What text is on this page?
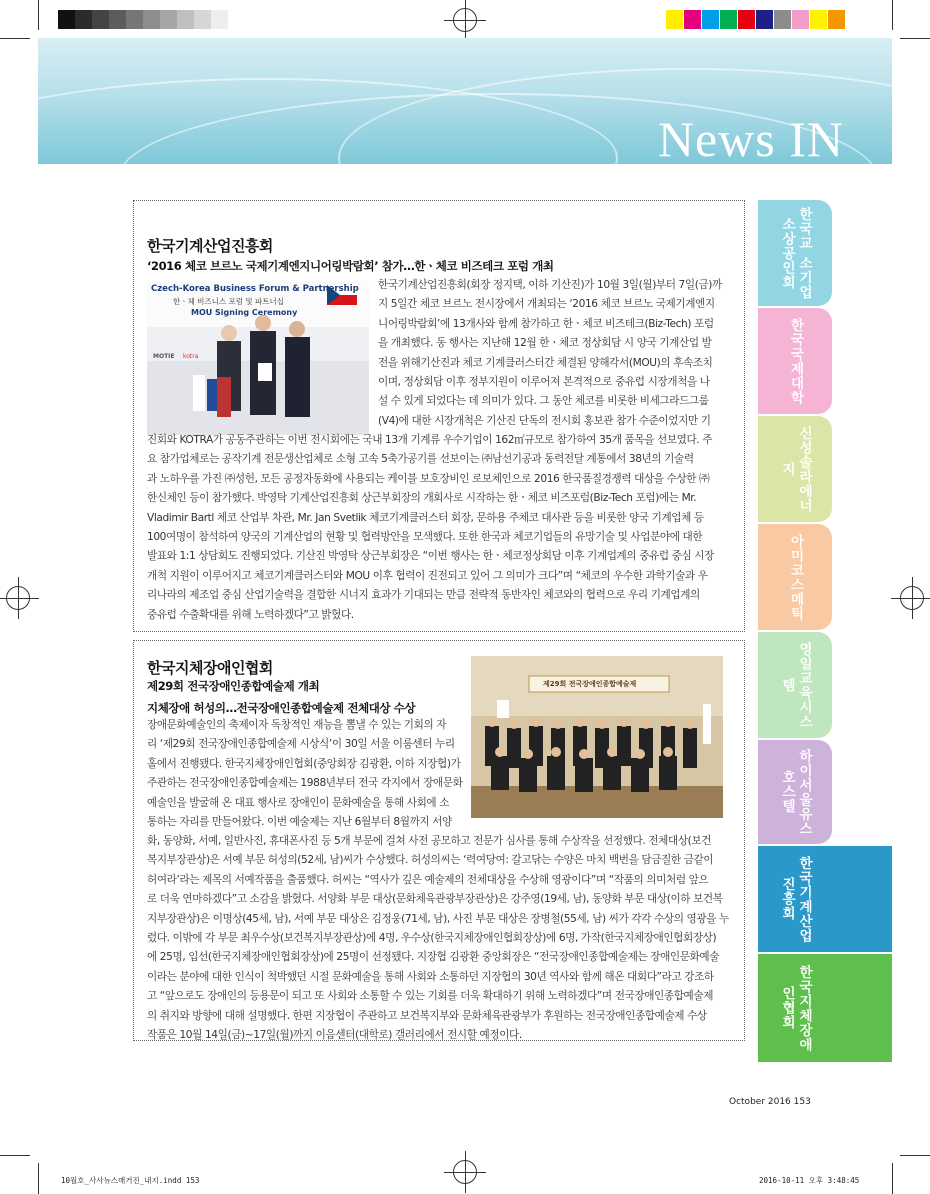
News IN
한국기계산업진흥회
‘2016 체코 브르노 국제기계엔지니어링박람회’ 참가…한ㆍ체코 비즈테크 포럼 개최
Czech-Korea Business Forum & Partnership
한ㆍ체 비즈니스 포럼 및 파트너십
MOU Signing Ceremony
MOTIE kotra
한국기계산업진흥회(회장 정지택, 이하 기산진)가 10월 3일(월)부터 7일(금)까
지 5일간 체코 브르노 전시장에서 개최되는 ‘2016 체코 브르노 국제기계엔지
니어링박람회’에 13개사와 함께 참가하고 한ㆍ체코 비즈테크(Biz-Tech) 포럼
을 개최했다. 동 행사는 지난해 12월 한ㆍ체코 정상회담 시 양국 기계산업 발
전을 위해기산진과 체코 기계클러스터간 체결된 양해각서(MOU)의 후속조치
이며, 정상회담 이후 정부지원이 이루어져 본격적으로 중유럽 시장개척을 나
설 수 있게 되었다는 데 의미가 있다. 그 동안 체코를 비롯한 비세그라드그룹
(V4)에 대한 시장개척은 기산진 단독의 전시회 홍보관 참가 수준이었지만 기
진회와 KOTRA가 공동주관하는 이번 전시회에는 국내 13개 기계류 우수기업이 162㎡규모로 참가하여 35개 품목을 선보였다. 주
요 참가업체로는 공작기계 전문생산업체로 소형 고속 5축가공기를 선보이는 ㈜남선기공과 동력전달 계통에서 38년의 기술력
과 노하우를 가진 ㈜성헌, 모든 공정자동화에 사용되는 케이블 보호장비인 로보체인으로 2016 한국품질경쟁력 대상을 수상한 ㈜
한신체인 등이 참가했다. 박영탁 기계산업진흥회 상근부회장의 개회사로 시작하는 한ㆍ체코 비즈포럼(Biz-Tech 포럼)에는 Mr.
Vladimir Bartl 체코 산업부 차관, Mr. Jan Svetlik 체코기계클러스터 회장, 문하용 주체코 대사관 등을 비롯한 양국 기계업체 등
100여명이 참석하여 양국의 기계산업의 현황 및 협력방안을 모색했다. 또한 한국과 체코기업들의 유망기술 및 사업분야에 대한
발표와 1:1 상담회도 진행되었다. 기산진 박영탁 상근부회장은 “이번 행사는 한ㆍ체코정상회담 이후 기계업계의 중유럽 중심 시장
개척 지원이 이루어지고 체코기계클러스터와 MOU 이후 협력이 진전되고 있어 그 의미가 크다”며 “체코의 우수한 과학기술과 우
리나라의 제조업 중심 산업기술력을 결합한 시너지 효과가 기대되는 만큼 전략적 동반자인 체코와의 협력으로 우리 기계업계의
중유럽 수출확대를 위해 노력하겠다”고 밝혔다.
한국지체장애인협회
제29회 전국장애인종합예술제 개최
지체장애 허성의…전국장애인종합예술제 전체대상 수상
제29회 전국장애인종합예술제
장애문화예술인의 축제이자 독창적인 재능을 뽐낼 수 있는 기회의 자
리 ‘제29회 전국장애인종합예술제 시상식’이 30일 서울 이룸센터 누리
홀에서 진행됐다. 한국지체장애인협회(중앙회장 김광환, 이하 지장협)가
주관하는 전국장애인종합예술제는 1988년부터 전국 각지에서 장애문화
예술인을 발굴해 온 대표 행사로 장애인이 문화예술을 통해 사회에 소
통하는 자리를 만들어왔다. 이번 예술제는 지난 6월부터 8월까지 서양
화, 동양화, 서예, 일반사진, 휴대폰사진 등 5개 부문에 걸쳐 사전 공모하고 전문가 심사를 통해 수상작을 선정했다. 전체대상(보건
복지부장관상)은 서예 부문 허성의(52세, 남)씨가 수상했다. 허성의씨는 ‘력여당여: 갈고닦는 수양은 마치 백번을 담금질한 금같이
허여라’라는 제목의 서예작품을 출품했다. 허씨는 “역사가 깊은 예술제의 전체대상을 수상해 영광이다”며 “작품의 의미처럼 앞으
로 더욱 연마하겠다”고 소감을 밝혔다. 서양화 부문 대상(문화체육관광부장관상)은 강주영(19세, 남), 동양화 부문 대상(이하 보건복
지부장관상)은 이명상(45세, 남), 서예 부문 대상은 김정웅(71세, 남), 사진 부문 대상은 장병철(55세, 남) 씨가 각각 수상의 영광을 누
렸다. 이밖에 각 부문 최우수상(보건복지부장관상)에 4명, 우수상(한국지체장애인협회장상)에 6명, 가작(한국지체장애인협회장상)
에 25명, 입선(한국지체장애인협회장상)에 25명이 선정됐다. 지장협 김광환 중앙회장은 “전국장애인종합예술제는 장애인문화예술
이라는 분야에 대한 인식이 척박했던 시절 문화예술을 통해 사회와 소통하던 지장협의 30년 역사와 함께 해온 대회다”라고 강조하
고 “앞으로도 장애인의 등용문이 되고 또 사회와 소통할 수 있는 기회를 더욱 확대하기 위해 노력하겠다”며 전국장애인종합예술제
의 취지와 방향에 대해 설명했다. 한편 지장협이 주관하고 보건복지부와 문화체육관광부가 후원하는 전국장애인종합예술제 수상
작품은 10월 14일(금)~17일(월)까지 이음센터(대학로) 갤러리에서 전시할 예정이다.
한국교 소기업소상공인회
한국국제대학
신성솔라에너지
아미코스메틱
영일교육시스템
하이서울유스호스텔
한국기계산업진흥회
한국지체장애인협회
October 2016 153
10월호_사사뉴스매거진_내지.indd 153	2016-10-11 오후 3:48:45
